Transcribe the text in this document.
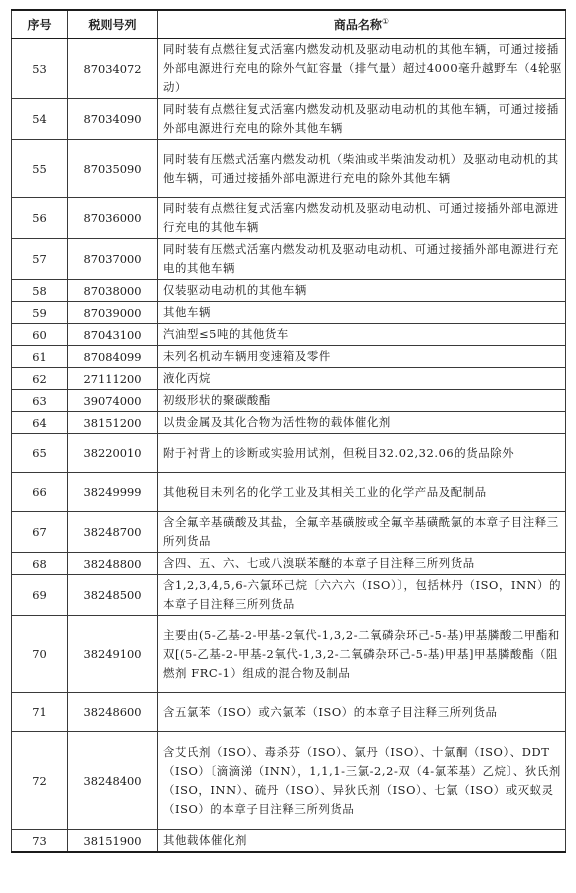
序号	税则号列	商品名称①
53	87034072	同时装有点燃往复式活塞内燃发动机及驱动电动机的其他车辆，可通过接插外部电源进行充电的除外气缸容量（排气量）超过4000毫升越野车（4轮驱动）
54	87034090	同时装有点燃往复式活塞内燃发动机及驱动电动机的其他车辆，可通过接插外部电源进行充电的除外其他车辆
55	87035090	同时装有压燃式活塞内燃发动机（柴油或半柴油发动机）及驱动电动机的其他车辆，可通过接插外部电源进行充电的除外其他车辆
56	87036000	同时装有点燃往复式活塞内燃发动机及驱动电动机、可通过接插外部电源进行充电的其他车辆
57	87037000	同时装有压燃式活塞内燃发动机及驱动电动机、可通过接插外部电源进行充电的其他车辆
58	87038000	仅装驱动电动机的其他车辆
59	87039000	其他车辆
60	87043100	汽油型≤5吨的其他货车
61	87084099	未列名机动车辆用变速箱及零件
62	27111200	液化丙烷
63	39074000	初级形状的聚碳酸酯
64	38151200	以贵金属及其化合物为活性物的载体催化剂
65	38220010	附于衬背上的诊断或实验用试剂，但税目32.02,32.06的货品除外
66	38249999	其他税目未列名的化学工业及其相关工业的化学产品及配制品
67	38248700	含全氟辛基磺酸及其盐，全氟辛基磺胺或全氟辛基磺酰氯的本章子目注释三所列货品
68	38248800	含四、五、六、七或八溴联苯醚的本章子目注释三所列货品
69	38248500	含1,2,3,4,5,6-六氯环己烷〔六六六（ISO）〕，包括林丹（ISO，INN）的本章子目注释三所列货品
70	38249100	主要由(5-乙基-2-甲基-2氧代-1,3,2-二氧磷杂环己-5-基)甲基膦酸二甲酯和双[(5-乙基-2-甲基-2氧代-1,3,2-二氧磷杂环己-5-基)甲基]甲基膦酸酯（阻燃剂 FRC-1）组成的混合物及制品
71	38248600	含五氯苯（ISO）或六氯苯（ISO）的本章子目注释三所列货品
72	38248400	含艾氏剂（ISO）、毒杀芬（ISO）、氯丹（ISO）、十氯酮（ISO）、DDT（ISO）〔滴滴涕（INN），1,1,1-三氯-2,2-双（4-氯苯基）乙烷〕、狄氏剂（ISO，INN）、硫丹（ISO）、异狄氏剂（ISO）、七氯（ISO）或灭蚁灵（ISO）的本章子目注释三所列货品
73	38151900	其他载体催化剂
